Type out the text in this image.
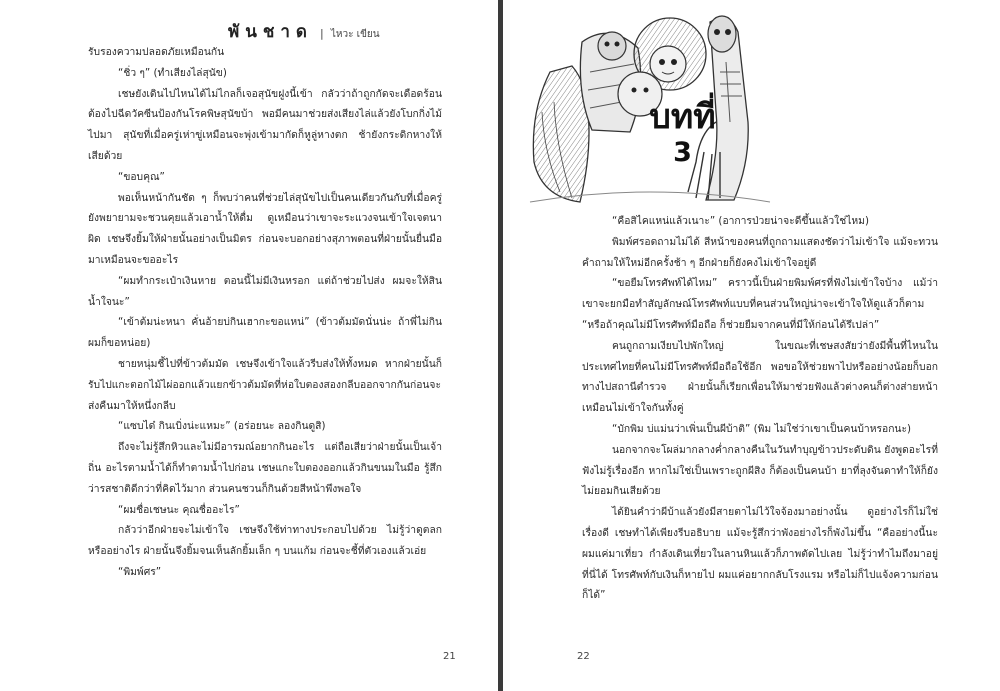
พันชาด | ไหวะ เขียน

รับรองความปลอดภัยเหมือนกัน

“ชิ่ว ๆ” (ทำเสียงไล่สุนัข)

เชษยังเดินไปไหนได้ไม่ไกลก็เจอสุนัขฝูงนี้เข้า กลัวว่าถ้าถูกกัดจะเดือดร้อนต้องไปฉีดวัคซีนป้องกันโรคพิษสุนัขบ้า พอมีคนมาช่วยส่งเสียงไล่แล้วยังโบกกิ่งไม้ไปมา สุนัขที่เมื่อครู่เห่าขู่เหมือนจะพุ่งเข้ามากัดก็หูลู่หางตก ช้ายังกระดิกหางให้เสียด้วย

“ขอบคุณ”

พอเห็นหน้ากันชัด ๆ ก็พบว่าคนที่ช่วยไล่สุนัขไปเป็นคนเดียวกันกับที่เมื่อครู่ยังพยายามจะชวนคุยแล้วเอาน้ำให้ดื่ม ดูเหมือนว่าเขาจะระแวงจนเข้าใจเจตนาผิด เชษจึงยิ้มให้ฝ่ายนั้นอย่างเป็นมิตร ก่อนจะบอกอย่างสุภาพตอนที่ฝ่ายนั้นยื่นมือมาเหมือนจะขออะไร

“ผมทำกระเป๋าเงินหาย ตอนนี้ไม่มีเงินหรอก แต่ถ้าช่วยไปส่ง ผมจะให้สินน้ำใจนะ”

“เข้าต้มน่ะหนา คั่นอ้ายบ่กินเฮากะขอแหน่” (ข้าวต้มมัดนั่นน่ะ ถ้าพี่ไม่กินผมก็ขอหน่อย)

ชายหนุ่มชี้ไปที่ข้าวต้มมัด เชษจึงเข้าใจแล้วรีบส่งให้ทั้งหมด หากฝ่ายนั้นก็รับไปแกะตอกไม้ไผ่ออกแล้วแยกข้าวต้มมัดที่ห่อใบตองสองกลีบออกจากกันก่อนจะส่งคืนมาให้หนึ่งกลีบ

“แซบได๋ กินเบิ่งน่ะแหมะ” (อร่อยนะ ลองกินดูสิ)

ถึงจะไม่รู้สึกหิวและไม่มีอารมณ์อยากกินอะไร แต่ถือเสียว่าฝ่ายนั้นเป็นเจ้าถิ่น อะไรตามน้ำได้ก็ทำตามน้ำไปก่อน เชษแกะใบตองออกแล้วกินขนมในมือ รู้สึกว่ารสชาติดีกว่าที่คิดไว้มาก ส่วนคนชวนก็กินด้วยสีหน้าพึงพอใจ

“ผมชื่อเชษนะ คุณชื่ออะไร”

กลัวว่าอีกฝ่ายจะไม่เข้าใจ เชษจึงใช้ท่าทางประกอบไปด้วย ไม่รู้ว่าดูตลกหรืออย่างไร ฝ่ายนั้นจึงยิ้มจนเห็นลักยิ้มเล็ก ๆ บนแก้ม ก่อนจะชี้ที่ตัวเองแล้วเอ่ย

“พิมพ์ศร”

21
บทที่
3

“คือสิไคแหน่แล้วเนาะ” (อาการป่วยน่าจะดีขึ้นแล้วใช่ไหม)

พิมพ์ศรอดถามไม่ได้ สีหน้าของคนที่ถูกถามแสดงชัดว่าไม่เข้าใจ แม้จะทวนคำถามให้ใหม่อีกครั้งช้า ๆ อีกฝ่ายก็ยังคงไม่เข้าใจอยู่ดี

“ขอยืมโทรศัพท์ได้ไหม” คราวนี้เป็นฝ่ายพิมพ์ศรที่ฟังไม่เข้าใจบ้าง แม้ว่าเขาจะยกมือทำสัญลักษณ์โทรศัพท์แบบที่คนส่วนใหญ่น่าจะเข้าใจให้ดูแล้วก็ตาม “หรือถ้าคุณไม่มีโทรศัพท์มือถือ ก็ช่วยยืมจากคนที่มีให้ก่อนได้รึเปล่า”

คนถูกถามเงียบไปพักใหญ่ ในขณะที่เชษสงสัยว่ายังมีพื้นที่ไหนในประเทศไทยที่คนไม่มีโทรศัพท์มือถือใช้อีก พอขอให้ช่วยพาไปหรืออย่างน้อยก็บอกทางไปสถานีตำรวจ ฝ่ายนั้นก็เรียกเพื่อนให้มาช่วยฟังแล้วต่างคนก็ต่างส่ายหน้าเหมือนไม่เข้าใจกันทั้งคู่

“บักพิม บ่แม่นว่าเพิ่นเป็นผีบ้าติ” (พิม ไม่ใช่ว่าเขาเป็นคนบ้าหรอกนะ)

นอกจากจะโผล่มากลางค่ำกลางคืนในวันทำบุญข้าวประดับดิน ยังพูดอะไรที่ฟังไม่รู้เรื่องอีก หากไม่ใช่เป็นเพราะถูกผีสิง ก็ต้องเป็นคนบ้า ยาที่ลุงจันดาทำให้ก็ยังไม่ยอมกินเสียด้วย

ได้ยินคำว่าผีบ้าแล้วยังมีสายตาไม่ไว้ใจจ้องมาอย่างนั้น ดูอย่างไรก็ไม่ใช่เรื่องดี เชษทำได้เพียงรีบอธิบาย แม้จะรู้สึกว่าพังอย่างไรก็พังไม่ขึ้น “คืออย่างนี้นะ ผมแค่มาเที่ยว กำลังเดินเที่ยวในลานหินแล้วก็ภาพตัดไปเลย ไม่รู้ว่าทำไมถึงมาอยู่ที่นี่ได้ โทรศัพท์กับเงินก็หายไป ผมแค่อยากกลับโรงแรม หรือไม่ก็ไปแจ้งความก่อนก็ได้”

22
